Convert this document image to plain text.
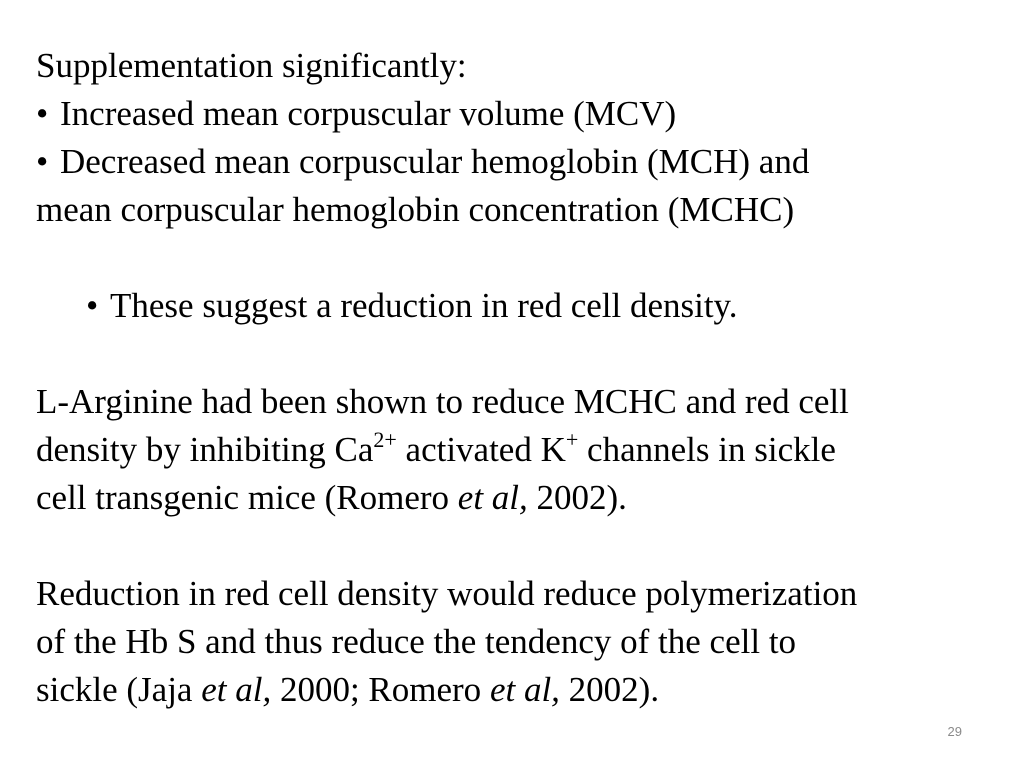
Supplementation significantly:
• Increased mean corpuscular volume (MCV)
• Decreased mean corpuscular hemoglobin (MCH) and
mean corpuscular hemoglobin concentration (MCHC)
• These suggest a reduction in red cell density.
L-Arginine had been shown to reduce MCHC and red cell
density by inhibiting $Ca^{2+}$ activated K+ channels in sickle
cell transgenic mice (Romero et al, 2002).
Reduction in red cell density would reduce polymerization
of the Hb S and thus reduce the tendency of the cell to
sickle (Jaja et al, 2000; Romero et al, 2002).
29
